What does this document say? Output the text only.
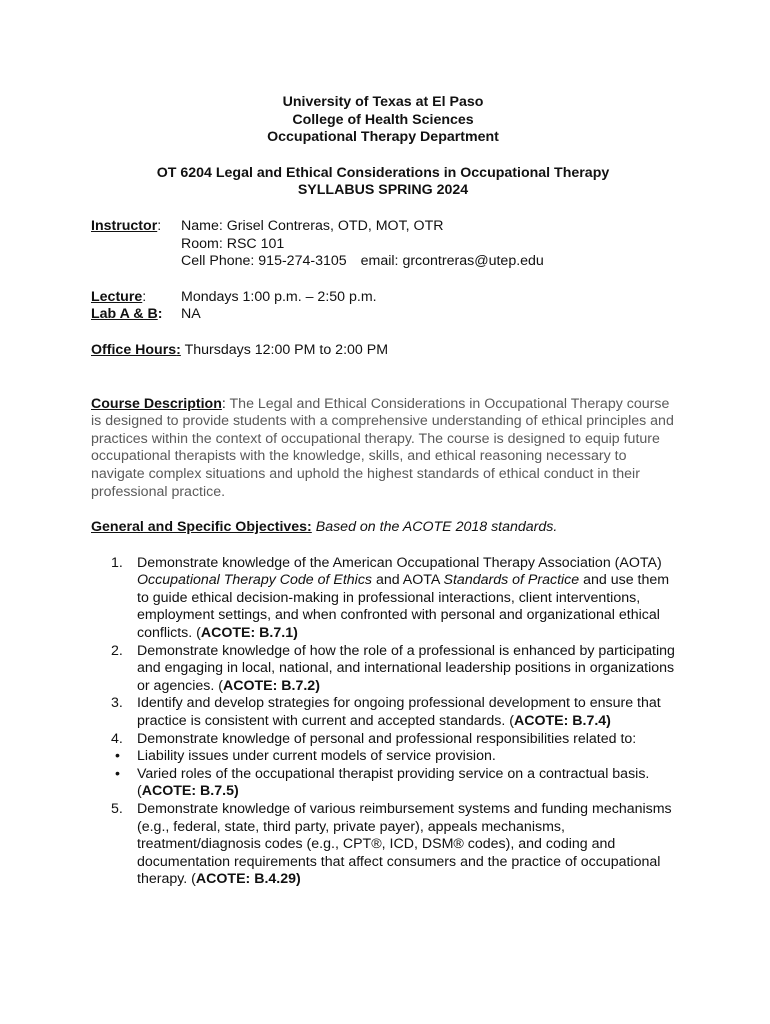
University of Texas at El Paso
College of Health Sciences
Occupational Therapy Department
OT 6204 Legal and Ethical Considerations in Occupational Therapy
SYLLABUS SPRING 2024
Instructor:	Name: Grisel Contreras, OTD, MOT, OTR
Room: RSC 101
Cell Phone: 915-274-3105 email: grcontreras@utep.edu
Lecture:	Mondays 1:00 p.m. – 2:50 p.m.
Lab A & B:	NA
Office Hours: Thursdays 12:00 PM to 2:00 PM
Course Description: The Legal and Ethical Considerations in Occupational Therapy course is designed to provide students with a comprehensive understanding of ethical principles and practices within the context of occupational therapy. The course is designed to equip future occupational therapists with the knowledge, skills, and ethical reasoning necessary to navigate complex situations and uphold the highest standards of ethical conduct in their professional practice.
General and Specific Objectives: Based on the ACOTE 2018 standards.
1. Demonstrate knowledge of the American Occupational Therapy Association (AOTA) Occupational Therapy Code of Ethics and AOTA Standards of Practice and use them to guide ethical decision-making in professional interactions, client interventions, employment settings, and when confronted with personal and organizational ethical conflicts. (ACOTE: B.7.1)
2. Demonstrate knowledge of how the role of a professional is enhanced by participating and engaging in local, national, and international leadership positions in organizations or agencies. (ACOTE: B.7.2)
3. Identify and develop strategies for ongoing professional development to ensure that practice is consistent with current and accepted standards. (ACOTE: B.7.4)
4. Demonstrate knowledge of personal and professional responsibilities related to:
• Liability issues under current models of service provision.
• Varied roles of the occupational therapist providing service on a contractual basis. (ACOTE: B.7.5)
5. Demonstrate knowledge of various reimbursement systems and funding mechanisms (e.g., federal, state, third party, private payer), appeals mechanisms, treatment/diagnosis codes (e.g., CPT®, ICD, DSM® codes), and coding and documentation requirements that affect consumers and the practice of occupational therapy. (ACOTE: B.4.29)
